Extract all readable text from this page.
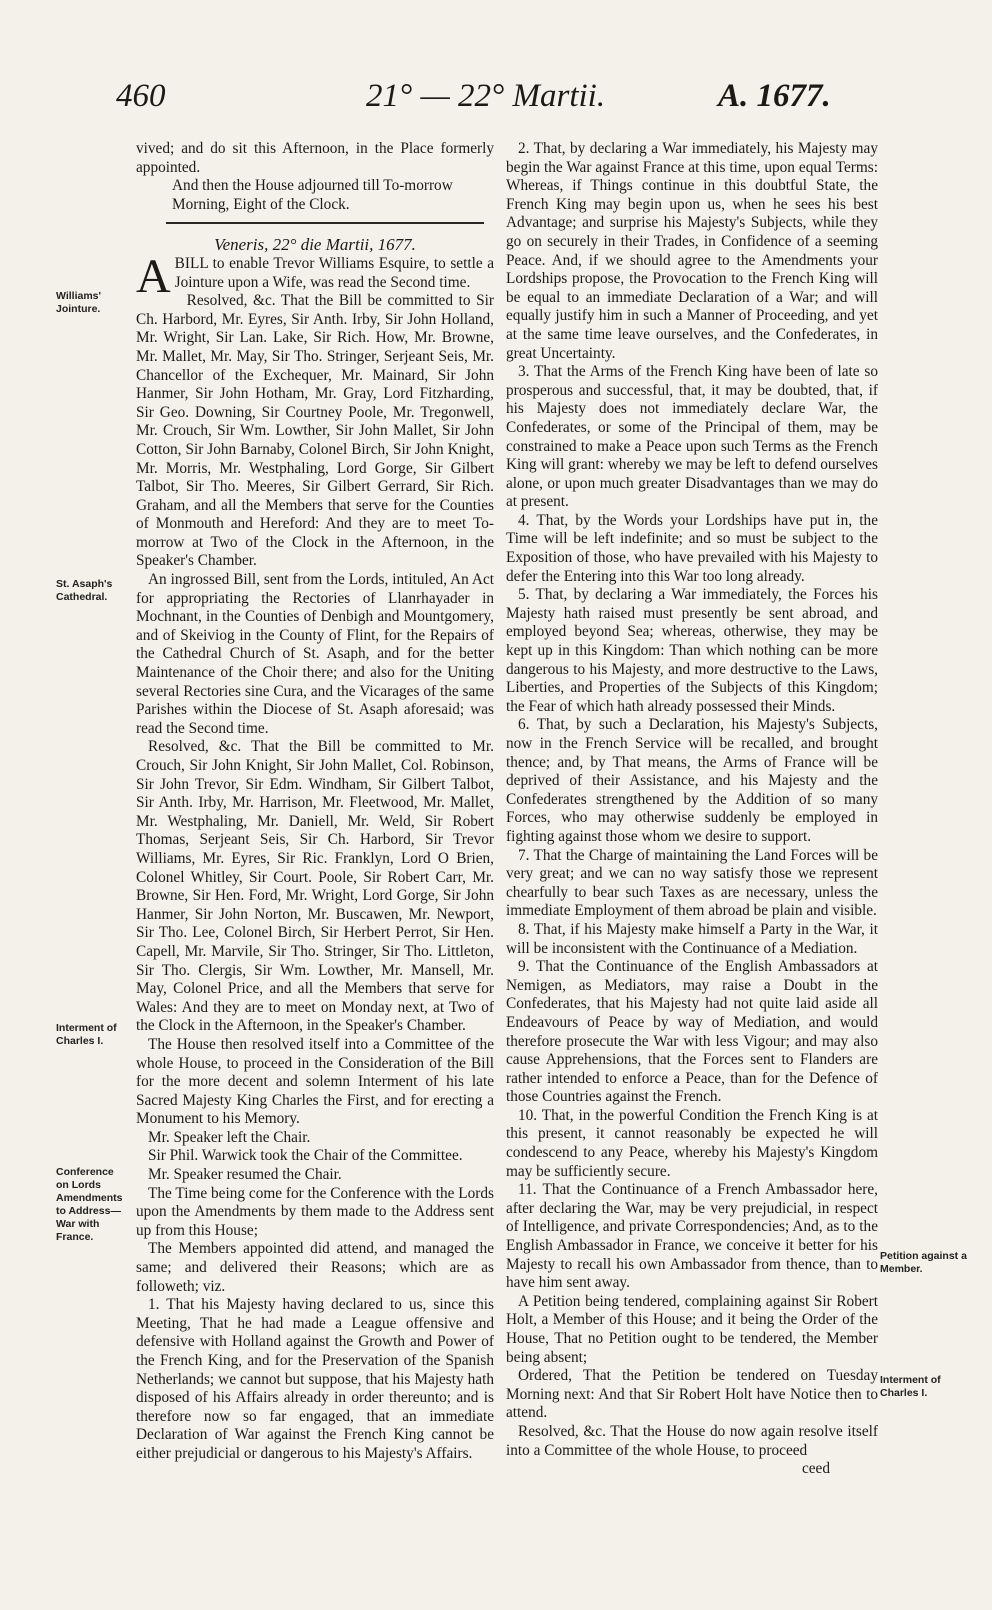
460	21° — 22° Martii.	A. 1677.

vived; and do sit this Afternoon, in the Place formerly appointed.

And then the House adjourned till To-morrow Morning, Eight of the Clock.

Veneris, 22° die Martii, 1677.

ABILL to enable Trevor Williams Esquire, to settle a Jointure upon a Wife, was read the Second time.

Resolved, &c. That the Bill be committed to Sir Ch. Harbord, Mr. Eyres, Sir Anth. Irby, Sir John Holland, Mr. Wright, Sir Lan. Lake, Sir Rich. How, Mr. Browne, Mr. Mallet, Mr. May, Sir Tho. Stringer, Serjeant Seis, Mr. Chancellor of the Exchequer, Mr. Mainard, Sir John Hanmer, Sir John Hotham, Mr. Gray, Lord Fitzharding, Sir Geo. Downing, Sir Courtney Poole, Mr. Tregonwell, Mr. Crouch, Sir Wm. Lowther, Sir John Mallet, Sir John Cotton, Sir John Barnaby, Colonel Birch, Sir John Knight, Mr. Morris, Mr. Westphaling, Lord Gorge, Sir Gilbert Talbot, Sir Tho. Meeres, Sir Gilbert Gerrard, Sir Rich. Graham, and all the Members that serve for the Counties of Monmouth and Hereford: And they are to meet To-morrow at Two of the Clock in the Afternoon, in the Speaker's Chamber.

An ingrossed Bill, sent from the Lords, intituled, An Act for appropriating the Rectories of Llanrhayader in Mochnant, in the Counties of Denbigh and Mountgomery, and of Skeiviog in the County of Flint, for the Repairs of the Cathedral Church of St. Asaph, and for the better Maintenance of the Choir there; and also for the Uniting several Rectories sine Cura, and the Vicarages of the same Parishes within the Diocese of St. Asaph aforesaid; was read the Second time.

Resolved, &c. That the Bill be committed to Mr. Crouch, Sir John Knight, Sir John Mallet, Col. Robinson, Sir John Trevor, Sir Edm. Windham, Sir Gilbert Talbot, Sir Anth. Irby, Mr. Harrison, Mr. Fleetwood, Mr. Mallet, Mr. Westphaling, Mr. Daniell, Mr. Weld, Sir Robert Thomas, Serjeant Seis, Sir Ch. Harbord, Sir Trevor Williams, Mr. Eyres, Sir Ric. Franklyn, Lord O Brien, Colonel Whitley, Sir Court. Poole, Sir Robert Carr, Mr. Browne, Sir Hen. Ford, Mr. Wright, Lord Gorge, Sir John Hanmer, Sir John Norton, Mr. Buscawen, Mr. Newport, Sir Tho. Lee, Colonel Birch, Sir Herbert Perrot, Sir Hen. Capell, Mr. Marvile, Sir Tho. Stringer, Sir Tho. Littleton, Sir Tho. Clergis, Sir Wm. Lowther, Mr. Mansell, Mr. May, Colonel Price, and all the Members that serve for Wales: And they are to meet on Monday next, at Two of the Clock in the Afternoon, in the Speaker's Chamber.

The House then resolved itself into a Committee of the whole House, to proceed in the Consideration of the Bill for the more decent and solemn Interment of his late Sacred Majesty King Charles the First, and for erecting a Monument to his Memory.

Mr. Speaker left the Chair.

Sir Phil. Warwick took the Chair of the Committee.

Mr. Speaker resumed the Chair.

The Time being come for the Conference with the Lords upon the Amendments by them made to the Address sent up from this House;

The Members appointed did attend, and managed the same; and delivered their Reasons; which are as followeth; viz.

1. That his Majesty having declared to us, since this Meeting, That he had made a League offensive and defensive with Holland against the Growth and Power of the French King, and for the Preservation of the Spanish Netherlands; we cannot but suppose, that his Majesty hath disposed of his Affairs already in order thereunto; and is therefore now so far engaged, that an immediate Declaration of War against the French King cannot be either prejudicial or dangerous to his Majesty's Affairs.

2. That, by declaring a War immediately, his Majesty may begin the War against France at this time, upon equal Terms: Whereas, if Things continue in this doubtful State, the French King may begin upon us, when he sees his best Advantage; and surprise his Majesty's Subjects, while they go on securely in their Trades, in Confidence of a seeming Peace. And, if we should agree to the Amendments your Lordships propose, the Provocation to the French King will be equal to an immediate Declaration of a War; and will equally justify him in such a Manner of Proceeding, and yet at the same time leave ourselves, and the Confederates, in great Uncertainty.

3. That the Arms of the French King have been of late so prosperous and successful, that, it may be doubted, that, if his Majesty does not immediately declare War, the Confederates, or some of the Principal of them, may be constrained to make a Peace upon such Terms as the French King will grant: whereby we may be left to defend ourselves alone, or upon much greater Disadvantages than we may do at present.

4. That, by the Words your Lordships have put in, the Time will be left indefinite; and so must be subject to the Exposition of those, who have prevailed with his Majesty to defer the Entering into this War too long already.

5. That, by declaring a War immediately, the Forces his Majesty hath raised must presently be sent abroad, and employed beyond Sea; whereas, otherwise, they may be kept up in this Kingdom: Than which nothing can be more dangerous to his Majesty, and more destructive to the Laws, Liberties, and Properties of the Subjects of this Kingdom; the Fear of which hath already possessed their Minds.

6. That, by such a Declaration, his Majesty's Subjects, now in the French Service will be recalled, and brought thence; and, by That means, the Arms of France will be deprived of their Assistance, and his Majesty and the Confederates strengthened by the Addition of so many Forces, who may otherwise suddenly be employed in fighting against those whom we desire to support.

7. That the Charge of maintaining the Land Forces will be very great; and we can no way satisfy those we represent chearfully to bear such Taxes as are necessary, unless the immediate Employment of them abroad be plain and visible.

8. That, if his Majesty make himself a Party in the War, it will be inconsistent with the Continuance of a Mediation.

9. That the Continuance of the English Ambassadors at Nemigen, as Mediators, may raise a Doubt in the Confederates, that his Majesty had not quite laid aside all Endeavours of Peace by way of Mediation, and would therefore prosecute the War with less Vigour; and may also cause Apprehensions, that the Forces sent to Flanders are rather intended to enforce a Peace, than for the Defence of those Countries against the French.

10. That, in the powerful Condition the French King is at this present, it cannot reasonably be expected he will condescend to any Peace, whereby his Majesty's Kingdom may be sufficiently secure.

11. That the Continuance of a French Ambassador here, after declaring the War, may be very prejudicial, in respect of Intelligence, and private Correspondencies; And, as to the English Ambassador in France, we conceive it better for his Majesty to recall his own Ambassador from thence, than to have him sent away.

A Petition being tendered, complaining against Sir Robert Holt, a Member of this House; and it being the Order of the House, That no Petition ought to be tendered, the Member being absent;

Ordered, That the Petition be tendered on Tuesday Morning next: And that Sir Robert Holt have Notice then to attend.

Resolved, &c. That the House do now again resolve itself into a Committee of the whole House, to proceed

ceed

Williams' Jointure.
St. Asaph's Cathedral.
Interment of Charles I.
Conference on Lords Amendments to Address— War with France.
Petition against a Member.
Interment of Charles I.
